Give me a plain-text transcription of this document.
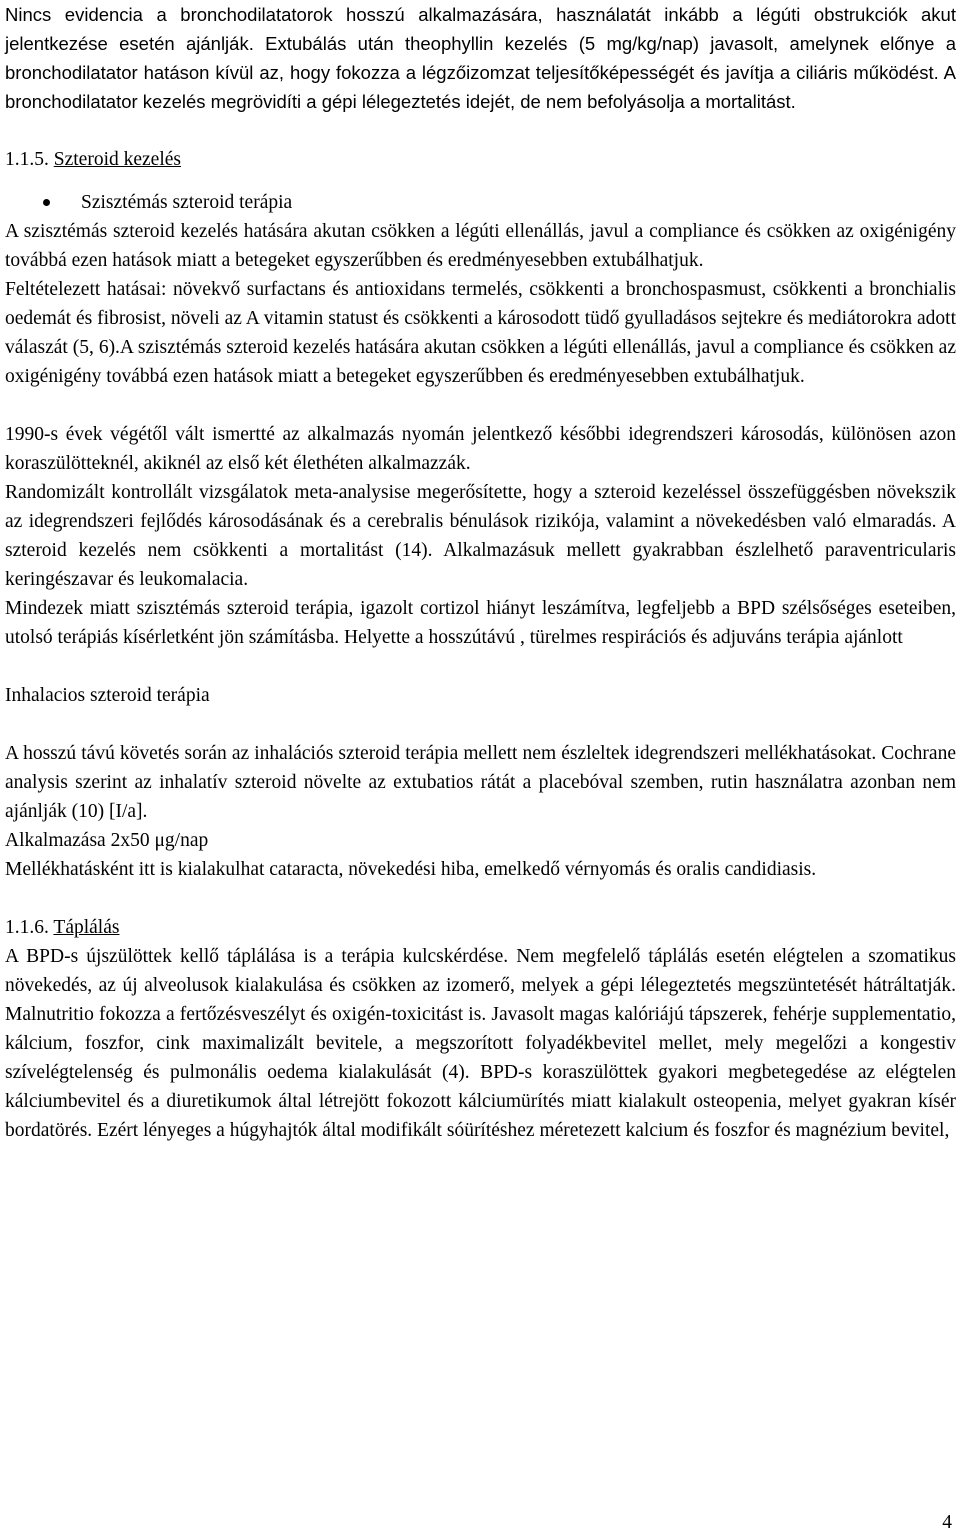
Nincs evidencia a bronchodilatatorok hosszú alkalmazására, használatát inkább a légúti obstrukciók akut jelentkezése esetén ajánlják. Extubálás után theophyllin kezelés (5 mg/kg/nap) javasolt, amelynek előnye a bronchodilatator hatáson kívül az, hogy fokozza a légzőizomzat teljesítőképességét és javítja a ciliáris működést. A bronchodilatator kezelés megrövidíti a gépi lélegeztetés idejét, de nem befolyásolja a mortalitást.

1.1.5. Szteroid kezelés

Szisztémás szteroid terápia

A szisztémás szteroid kezelés hatására akutan csökken a légúti ellenállás, javul a compliance és csökken az oxigénigény továbbá ezen hatások miatt a betegeket egyszerűbben és eredményesebben extubálhatjuk.

Feltételezett hatásai: növekvő surfactans és antioxidans termelés, csökkenti a bronchospasmust, csökkenti a bronchialis oedemát és fibrosist, növeli az A vitamin statust és csökkenti a károsodott tüdő gyulladásos sejtekre és mediátorokra adott válaszát (5, 6).A szisztémás szteroid kezelés hatására akutan csökken a légúti ellenállás, javul a compliance és csökken az oxigénigény továbbá ezen hatások miatt a betegeket egyszerűbben és eredményesebben extubálhatjuk.

1990-s évek végétől vált ismertté az alkalmazás nyomán jelentkező későbbi idegrendszeri károsodás, különösen azon koraszülötteknél, akiknél az első két élethéten alkalmazzák.

Randomizált kontrollált vizsgálatok meta-analysise megerősítette, hogy a szteroid kezeléssel összefüggésben növekszik az idegrendszeri fejlődés károsodásának és a cerebralis bénulások rizikója, valamint a növekedésben való elmaradás. A szteroid kezelés nem csökkenti a mortalitást (14). Alkalmazásuk mellett gyakrabban észlelhető paraventricularis keringészavar és leukomalacia.

Mindezek miatt szisztémás szteroid terápia, igazolt cortizol hiányt leszámítva, legfeljebb a BPD szélsőséges eseteiben, utolsó terápiás kísérletként jön számításba. Helyette a hosszútávú , türelmes respirációs és adjuváns terápia ajánlott

Inhalacios szteroid terápia

A hosszú távú követés során az inhalációs szteroid terápia mellett nem észleltek idegrendszeri mellékhatásokat. Cochrane analysis szerint az inhalatív szteroid növelte az extubatios rátát a placebóval szemben, rutin használatra azonban nem ajánlják (10) [I/a].

Alkalmazása 2x50 μg/nap

Mellékhatásként itt is kialakulhat cataracta, növekedési hiba, emelkedő vérnyomás és oralis candidiasis.

1.1.6. Táplálás

A BPD-s újszülöttek kellő táplálása is a terápia kulcskérdése. Nem megfelelő táplálás esetén elégtelen a szomatikus növekedés, az új alveolusok kialakulása és csökken az izomerő, melyek a gépi lélegeztetés megszüntetését hátráltatják. Malnutritio fokozza a fertőzésveszélyt és oxigén-toxicitást is. Javasolt magas kalóriájú tápszerek, fehérje supplementatio, kálcium, foszfor, cink maximalizált bevitele, a megszorított folyadékbevitel mellet, mely megelőzi a kongestiv szívelégtelenség és pulmonális oedema kialakulását (4). BPD-s koraszülöttek gyakori megbetegedése az elégtelen kálciumbevitel és a diuretikumok által létrejött fokozott kálciumürítés miatt kialakult osteopenia, melyet gyakran kísér bordatörés. Ezért lényeges a húgyhajtók által modifikált sóürítéshez méretezett kalcium és foszfor és magnézium bevitel,

4
